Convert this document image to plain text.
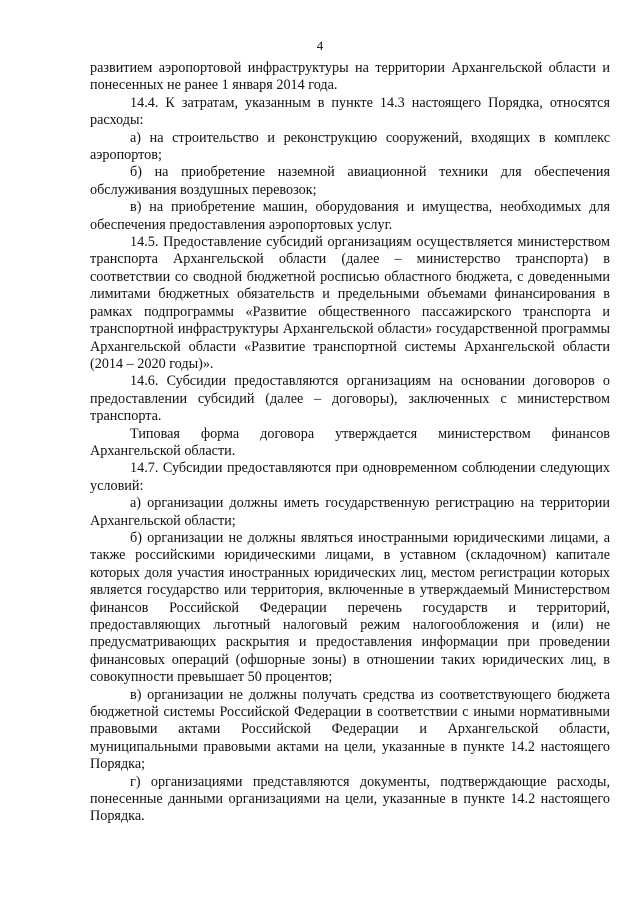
4

развитием аэропортовой инфраструктуры на территории Архангельской области и понесенных не ранее 1 января 2014 года.

14.4. К затратам, указанным в пункте 14.3 настоящего Порядка, относятся расходы:

а) на строительство и реконструкцию сооружений, входящих в комплекс аэропортов;

б) на приобретение наземной авиационной техники для обеспечения обслуживания воздушных перевозок;

в) на приобретение машин, оборудования и имущества, необходимых для обеспечения предоставления аэропортовых услуг.

14.5. Предоставление субсидий организациям осуществляется министерством транспорта Архангельской области (далее – министерство транспорта) в соответствии со сводной бюджетной росписью областного бюджета, с доведенными лимитами бюджетных обязательств и предельными объемами финансирования в рамках подпрограммы «Развитие общественного пассажирского транспорта и транспортной инфраструктуры Архангельской области» государственной программы Архангельской области «Развитие транспортной системы Архангельской области (2014 – 2020 годы)».

14.6. Субсидии предоставляются организациям на основании договоров о предоставлении субсидий (далее – договоры), заключенных с министерством транспорта.

Типовая форма договора утверждается министерством финансов Архангельской области.

14.7. Субсидии предоставляются при одновременном соблюдении следующих условий:

а) организации должны иметь государственную регистрацию на территории Архангельской области;

б) организации не должны являться иностранными юридическими лицами, а также российскими юридическими лицами, в уставном (складочном) капитале которых доля участия иностранных юридических лиц, местом регистрации которых является государство или территория, включенные в утверждаемый Министерством финансов Российской Федерации перечень государств и территорий, предоставляющих льготный налоговый режим налогообложения и (или) не предусматривающих раскрытия и предоставления информации при проведении финансовых операций (офшорные зоны) в отношении таких юридических лиц, в совокупности превышает 50 процентов;

в) организации не должны получать средства из соответствующего бюджета бюджетной системы Российской Федерации в соответствии с иными нормативными правовыми актами Российской Федерации и Архангельской области, муниципальными правовыми актами на цели, указанные в пункте 14.2 настоящего Порядка;

г) организациями представляются документы, подтверждающие расходы, понесенные данными организациями на цели, указанные в пункте 14.2 настоящего Порядка.
